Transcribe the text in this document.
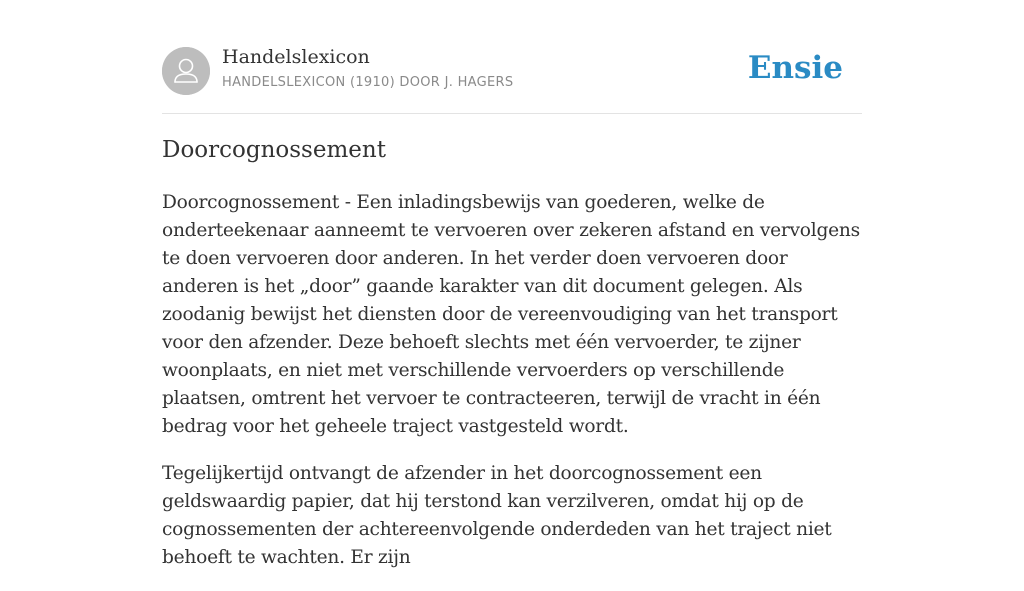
Handelslexicon
HANDELSLEXICON (1910) DOOR J. HAGERS	Ensie
Doorcognossement

Doorcognossement - Een inladingsbewijs van goederen, welke de onderteekenaar aanneemt te vervoeren over zekeren afstand en vervolgens te doen vervoeren door anderen. In het verder doen vervoeren door anderen is het „door” gaande karakter van dit document gelegen. Als zoodanig bewijst het diensten door de vereenvoudiging van het transport voor den afzender. Deze behoeft slechts met één vervoerder, te zijner woonplaats, en niet met verschillende vervoerders op verschillende plaatsen, omtrent het vervoer te contracteeren, terwijl de vracht in één bedrag voor het geheele traject vastgesteld wordt.

Tegelijkertijd ontvangt de afzender in het doorcognossement een geldswaardig papier, dat hij terstond kan verzilveren, omdat hij op de cognossementen der achtereenvolgende onderdeden van het traject niet behoeft te wachten. Er zijn
